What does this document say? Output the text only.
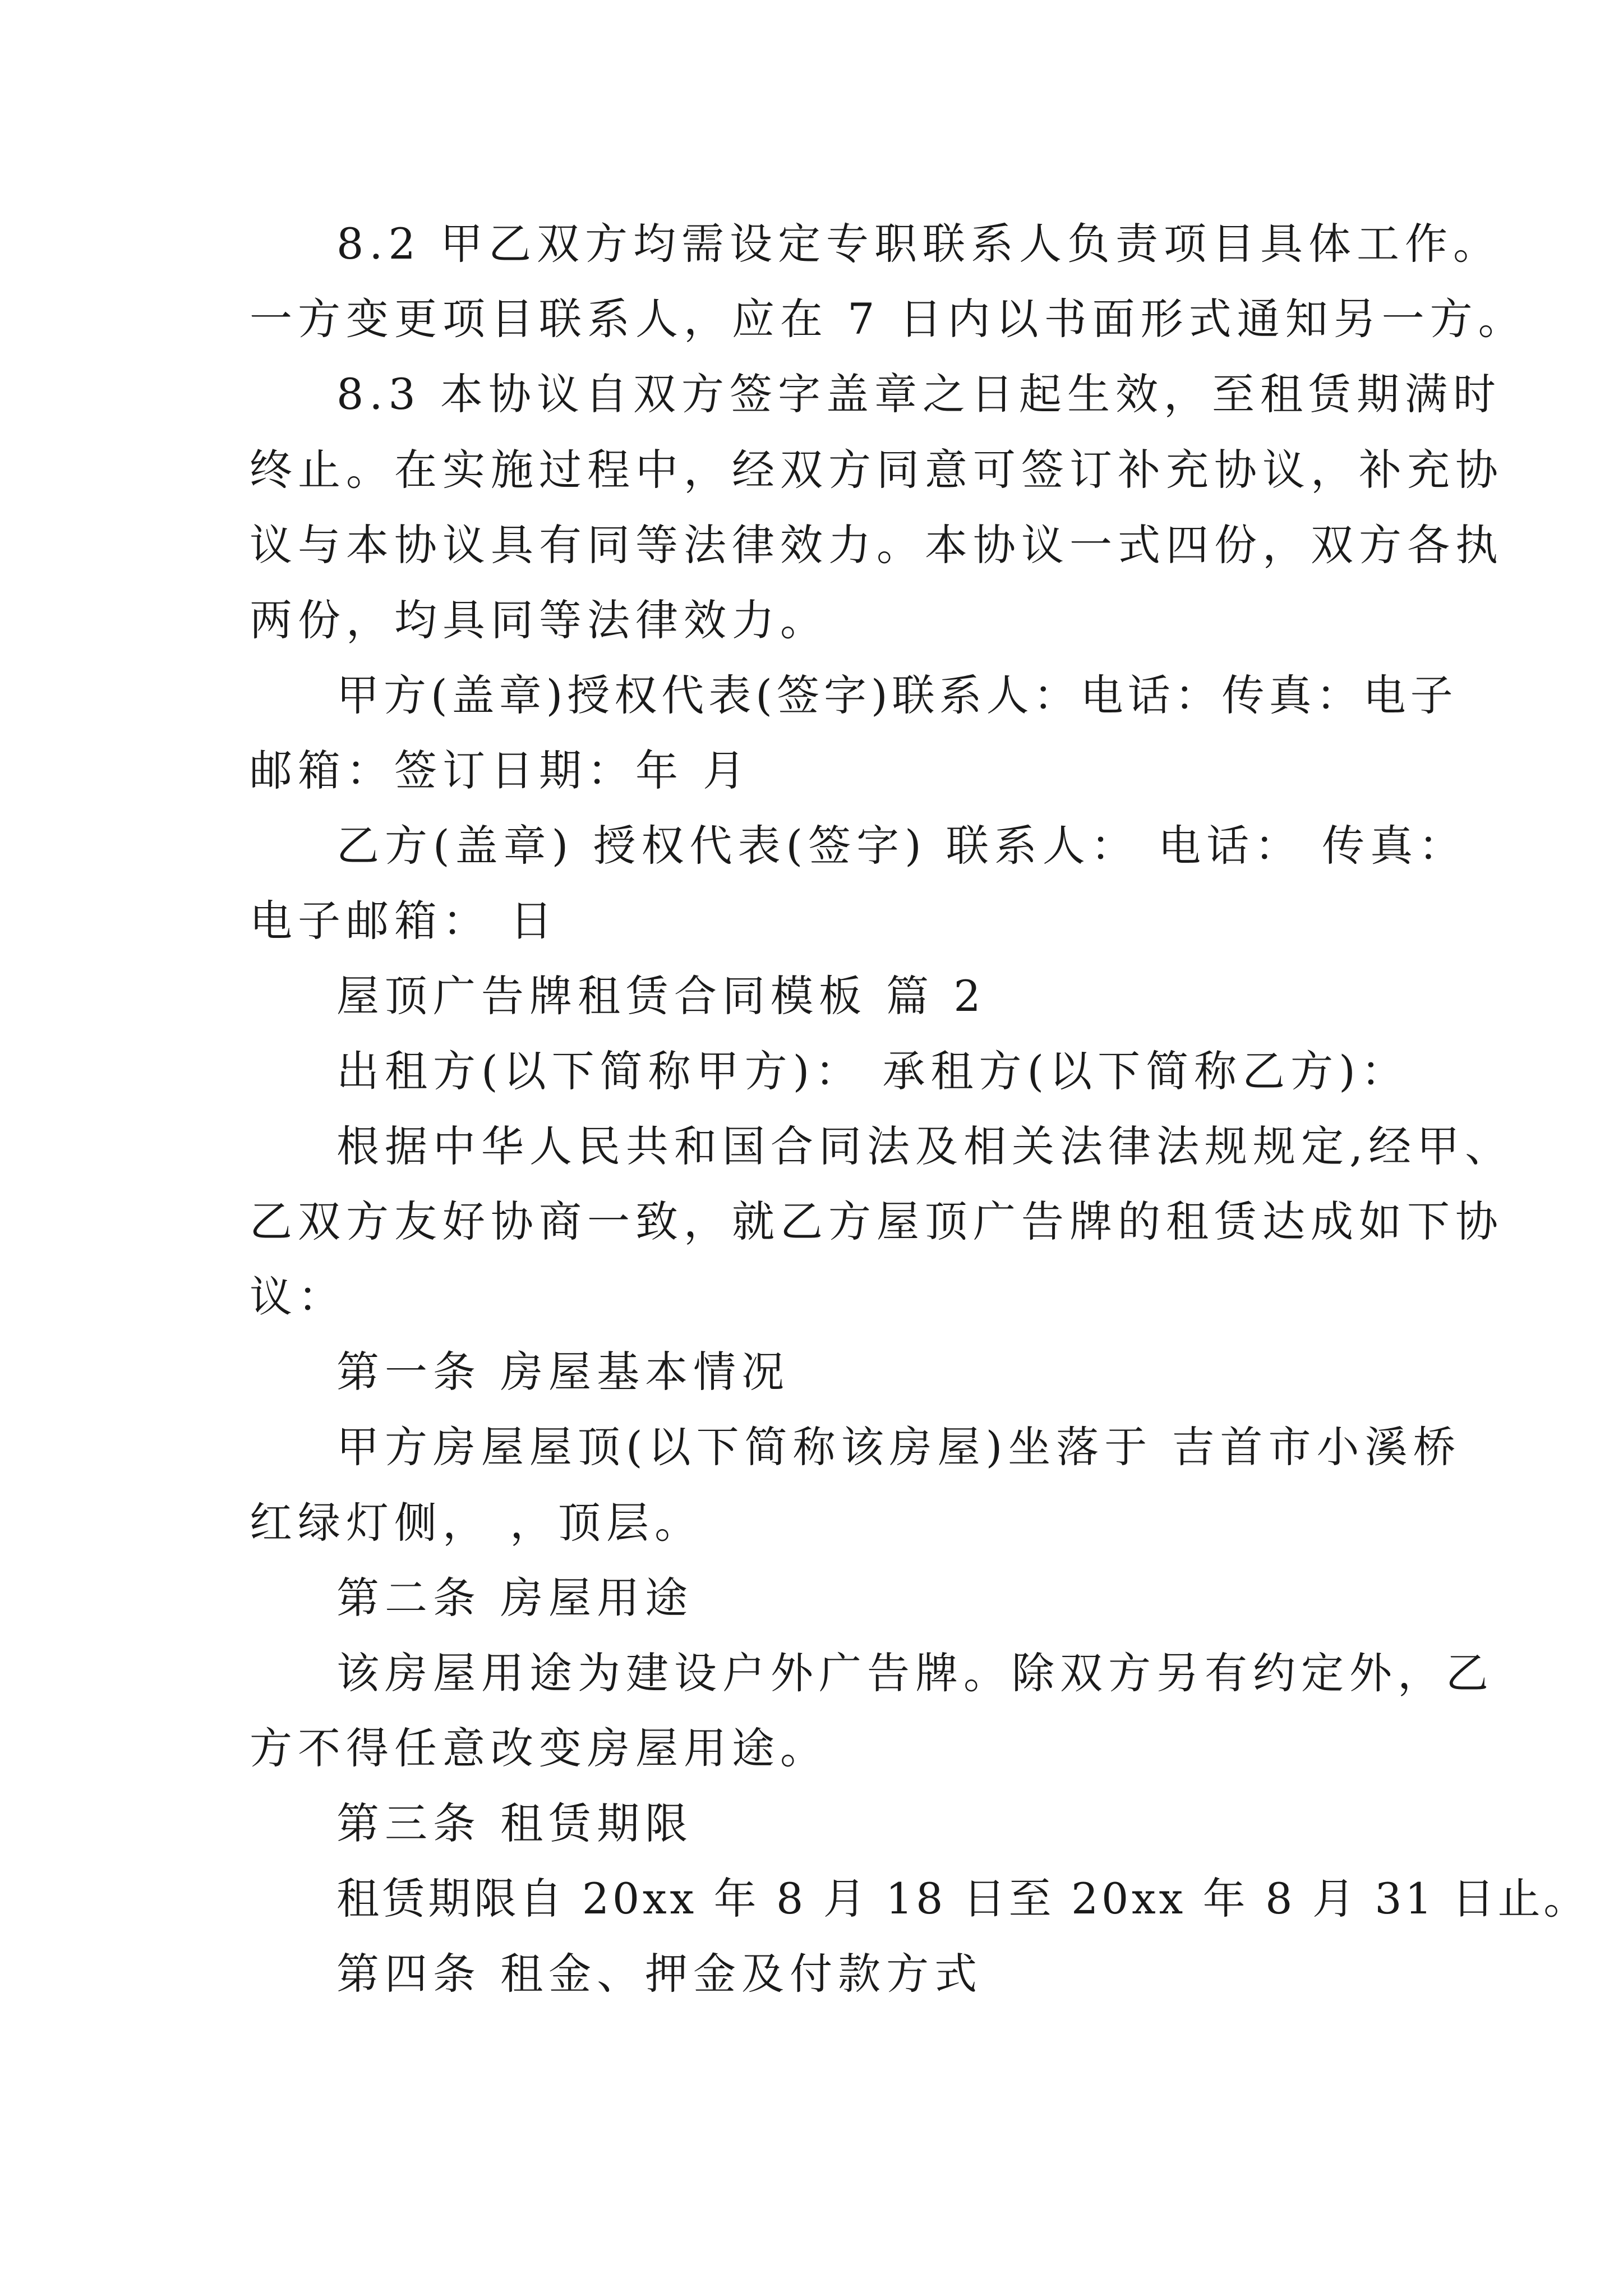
8.2 甲乙双方均需设定专职联系人负责项目具体工作。

一方变更项目联系人，应在 7 日内以书面形式通知另一方。

8.3 本协议自双方签字盖章之日起生效，至租赁期满时

终止。在实施过程中，经双方同意可签订补充协议，补充协

议与本协议具有同等法律效力。本协议一式四份，双方各执

两份，均具同等法律效力。

甲方(盖章)授权代表(签字)联系人：电话：传真：电子

邮箱：签订日期：年 月

乙方(盖章) 授权代表(签字) 联系人： 电话： 传真：

电子邮箱： 日

屋顶广告牌租赁合同模板 篇 2

出租方(以下简称甲方)： 承租方(以下简称乙方)：

根据中华人民共和国合同法及相关法律法规规定,经甲、

乙双方友好协商一致，就乙方屋顶广告牌的租赁达成如下协

议：

第一条 房屋基本情况

甲方房屋屋顶(以下简称该房屋)坐落于 吉首市小溪桥

红绿灯侧， ，顶层。

第二条 房屋用途

该房屋用途为建设户外广告牌。除双方另有约定外，乙

方不得任意改变房屋用途。

第三条 租赁期限

租赁期限自 20xx 年 8 月 18 日至 20xx 年 8 月 31 日止。

第四条 租金、押金及付款方式
